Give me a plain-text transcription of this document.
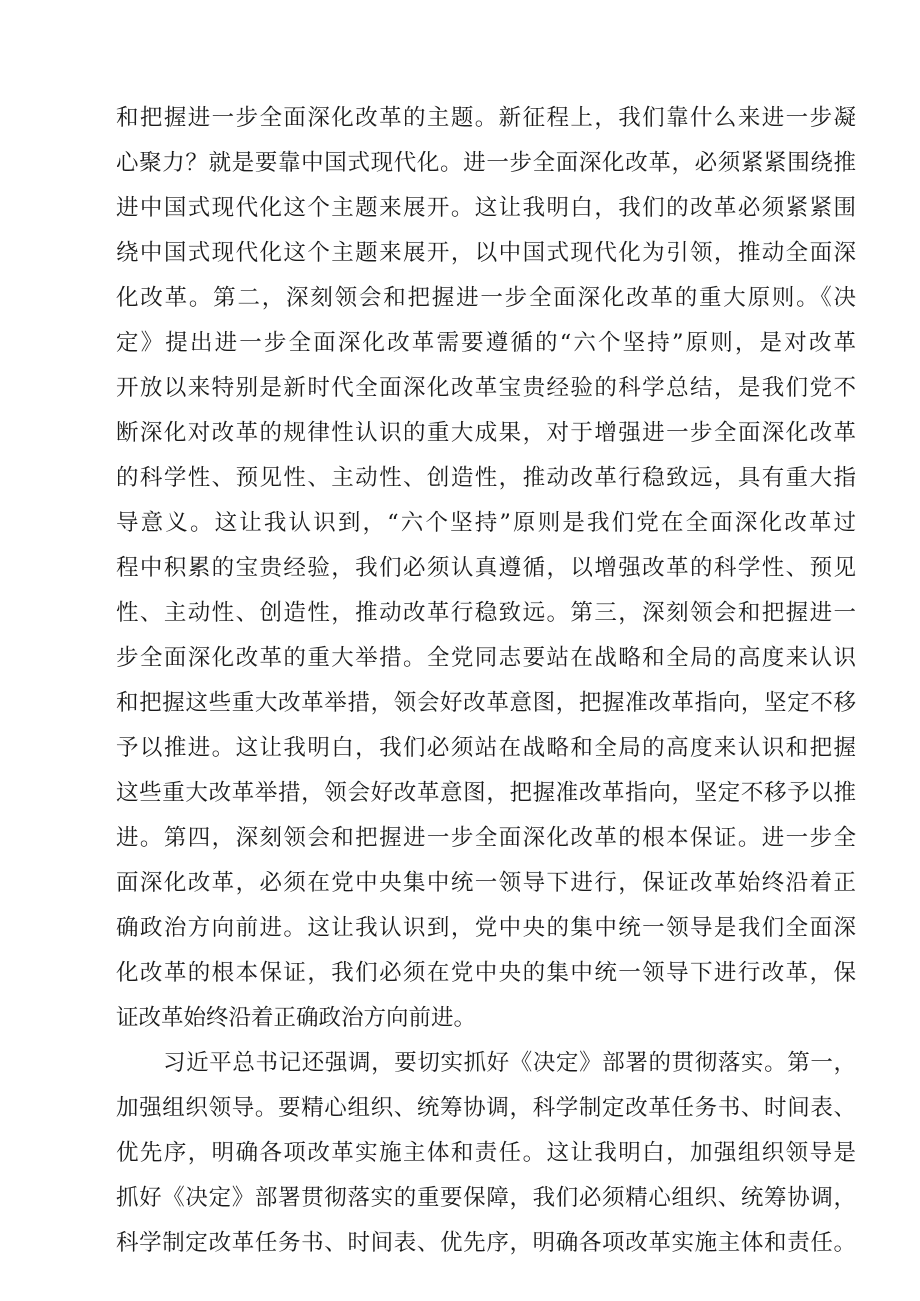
和把握进一步全面深化改革的主题。新征程上，我们靠什么来进一步凝
心聚力？就是要靠中国式现代化。进一步全面深化改革，必须紧紧围绕推
进中国式现代化这个主题来展开。这让我明白，我们的改革必须紧紧围
绕中国式现代化这个主题来展开，以中国式现代化为引领，推动全面深
化改革。第二，深刻领会和把握进一步全面深化改革的重大原则。《决
定》提出进一步全面深化改革需要遵循的“六个坚持”原则，是对改革
开放以来特别是新时代全面深化改革宝贵经验的科学总结，是我们党不
断深化对改革的规律性认识的重大成果，对于增强进一步全面深化改革
的科学性、预见性、主动性、创造性，推动改革行稳致远，具有重大指
导意义。这让我认识到，“六个坚持”原则是我们党在全面深化改革过
程中积累的宝贵经验，我们必须认真遵循，以增强改革的科学性、预见
性、主动性、创造性，推动改革行稳致远。第三，深刻领会和把握进一
步全面深化改革的重大举措。全党同志要站在战略和全局的高度来认识
和把握这些重大改革举措，领会好改革意图，把握准改革指向，坚定不移
予以推进。这让我明白，我们必须站在战略和全局的高度来认识和把握
这些重大改革举措，领会好改革意图，把握准改革指向，坚定不移予以推
进。第四，深刻领会和把握进一步全面深化改革的根本保证。进一步全
面深化改革，必须在党中央集中统一领导下进行，保证改革始终沿着正
确政治方向前进。这让我认识到，党中央的集中统一领导是我们全面深
化改革的根本保证，我们必须在党中央的集中统一领导下进行改革，保
证改革始终沿着正确政治方向前进。
习近平总书记还强调，要切实抓好《决定》部署的贯彻落实。第一，
加强组织领导。要精心组织、统筹协调，科学制定改革任务书、时间表、
优先序，明确各项改革实施主体和责任。这让我明白，加强组织领导是
抓好《决定》部署贯彻落实的重要保障，我们必须精心组织、统筹协调，
科学制定改革任务书、时间表、优先序，明确各项改革实施主体和责任。
